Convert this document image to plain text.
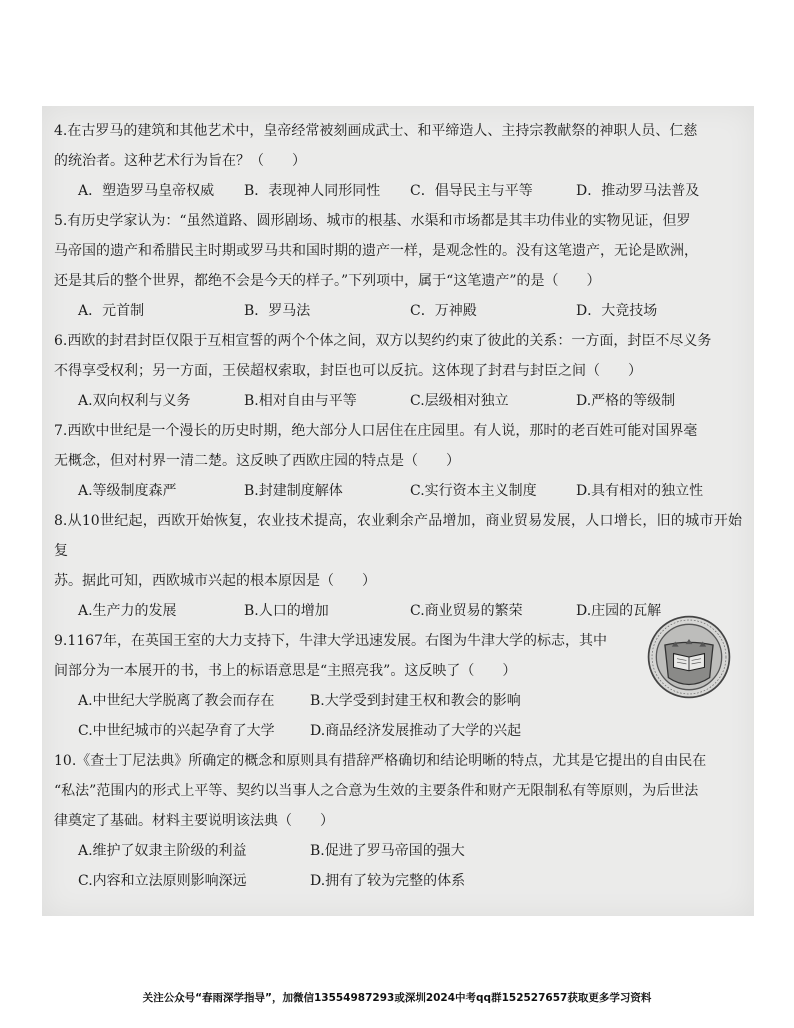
4.在古罗马的建筑和其他艺术中，皇帝经常被刻画成武士、和平缔造人、主持宗教献祭的神职人员、仁慈
的统治者。这种艺术行为旨在？（　　）
A．塑造罗马皇帝权威	B．表现神人同形同性	C．倡导民主与平等	D．推动罗马法普及
5.有历史学家认为：“虽然道路、圆形剧场、城市的根基、水渠和市场都是其丰功伟业的实物见证，但罗
马帝国的遗产和希腊民主时期或罗马共和国时期的遗产一样，是观念性的。没有这笔遗产，无论是欧洲，
还是其后的整个世界，都绝不会是今天的样子。”下列项中，属于“这笔遗产”的是（　　）
A．元首制	B．罗马法	C．万神殿	D．大竞技场
6.西欧的封君封臣仅限于互相宣誓的两个个体之间，双方以契约约束了彼此的关系：一方面，封臣不尽义务
不得享受权利；另一方面，王侯超权索取，封臣也可以反抗。这体现了封君与封臣之间（　　）
A.双向权利与义务	B.相对自由与平等	C.层级相对独立	D.严格的等级制
7.西欧中世纪是一个漫长的历史时期，绝大部分人口居住在庄园里。有人说，那时的老百姓可能对国界毫
无概念，但对村界一清二楚。这反映了西欧庄园的特点是（　　）
A.等级制度森严	B.封建制度解体	C.实行资本主义制度	D.具有相对的独立性
8.从10世纪起，西欧开始恢复，农业技术提高，农业剩余产品增加，商业贸易发展，人口增长，旧的城市开始复
苏。据此可知，西欧城市兴起的根本原因是（　　）
A.生产力的发展	B.人口的增加	C.商业贸易的繁荣	D.庄园的瓦解
9.1167年，在英国王室的大力支持下，牛津大学迅速发展。右图为牛津大学的标志，其中
间部分为一本展开的书，书上的标语意思是“主照亮我”。这反映了（　　）
A.中世纪大学脱离了教会而存在	B.大学受到封建王权和教会的影响
C.中世纪城市的兴起孕育了大学	D.商品经济发展推动了大学的兴起
10.《查士丁尼法典》所确定的概念和原则具有措辞严格确切和结论明晰的特点，尤其是它提出的自由民在
“私法”范围内的形式上平等、契约以当事人之合意为生效的主要条件和财产无限制私有等原则，为后世法
律奠定了基础。材料主要说明该法典（　　）
A.维护了奴隶主阶级的利益	B.促进了罗马帝国的强大
C.内容和立法原则影响深远	D.拥有了较为完整的体系
关注公众号“春雨深学指导”，加微信13554987293或深圳2024中考qq群152527657获取更多学习资料
